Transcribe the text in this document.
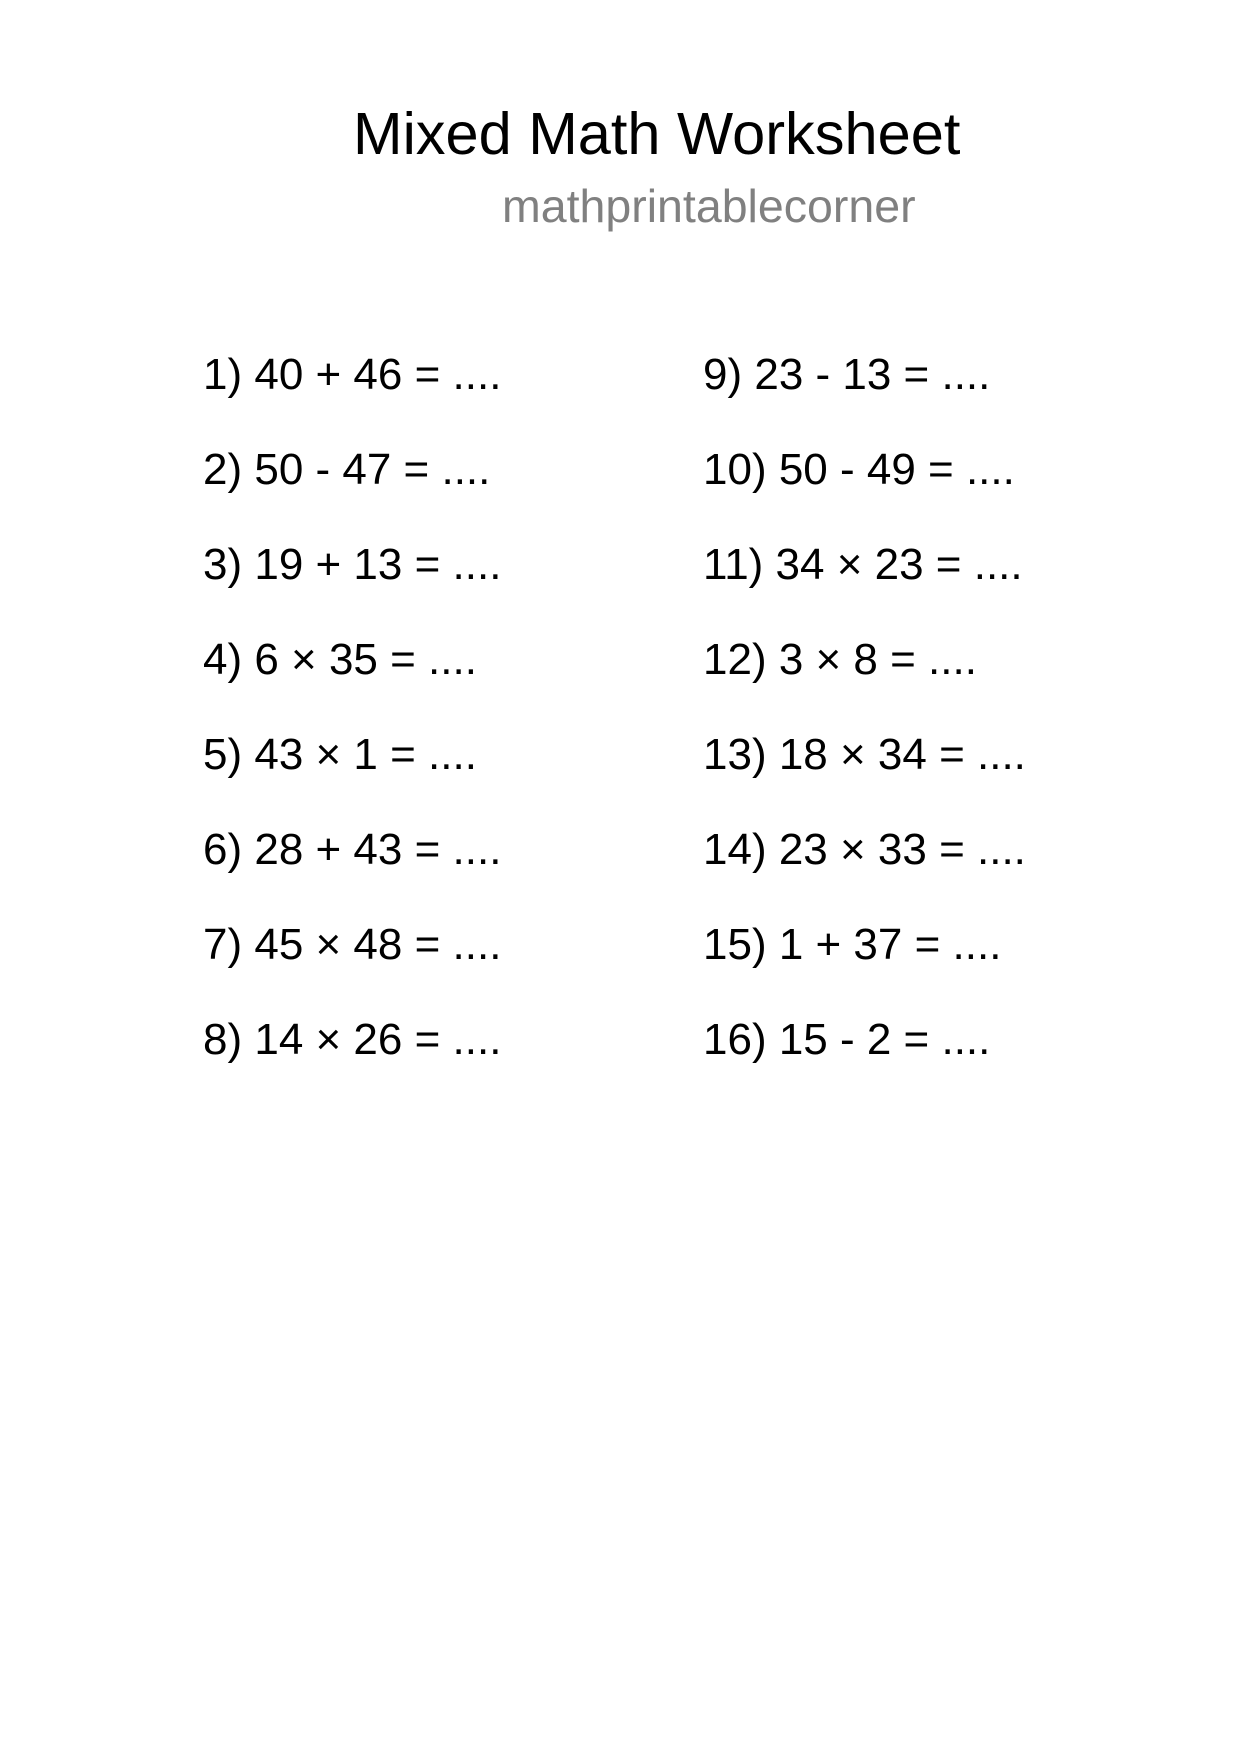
Mixed Math Worksheet
mathprintablecorner
1) 40 + 46 = ....
2) 50 - 47 = ....
3) 19 + 13 = ....
4) 6 × 35 = ....
5) 43 × 1 = ....
6) 28 + 43 = ....
7) 45 × 48 = ....
8) 14 × 26 = ....
9) 23 - 13 = ....
10) 50 - 49 = ....
11) 34 × 23 = ....
12) 3 × 8 = ....
13) 18 × 34 = ....
14) 23 × 33 = ....
15) 1 + 37 = ....
16) 15 - 2 = ....
